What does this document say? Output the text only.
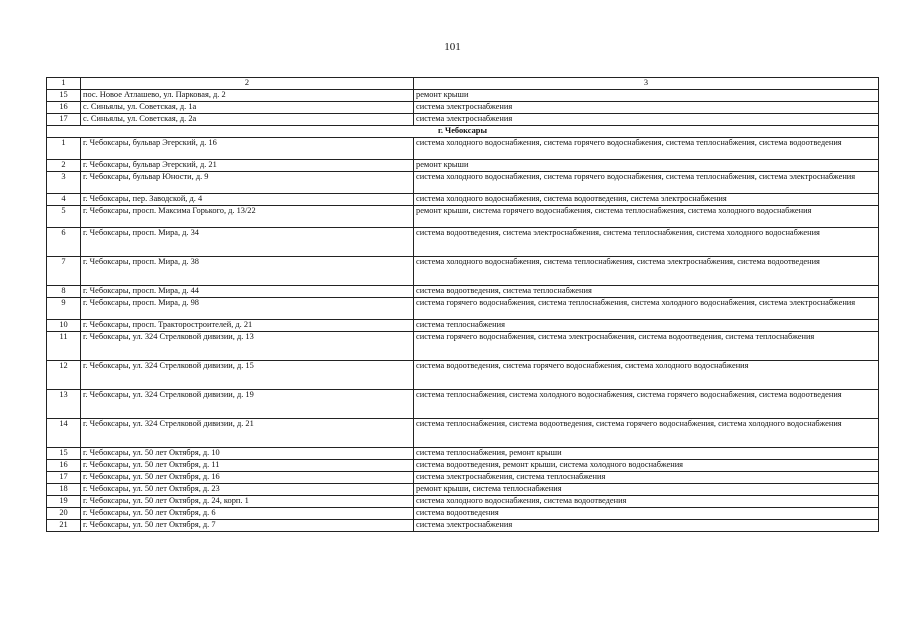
101
1	2	3
15	пос. Новое Атлашево, ул. Парковая, д. 2	ремонт крыши
16	с. Синьялы, ул. Советская, д. 1а	система электроснабжения
17	с. Синьялы, ул. Советская, д. 2а	система электроснабжения
г. Чебоксары		
1	г. Чебоксары, бульвар Эгерский, д. 16	система холодного водоснабжения, система горячего водоснабжения, система теплоснабжения, система водоотведения
2	г. Чебоксары, бульвар Эгерский, д. 21	ремонт крыши
3	г. Чебоксары, бульвар Юности, д. 9	система холодного водоснабжения, система горячего водоснабжения, система теплоснабжения, система электроснабжения
4	г. Чебоксары, пер. Заводской, д. 4	система холодного водоснабжения, система водоотведения, система электроснабжения
5	г. Чебоксары, просп. Максима Горького, д. 13/22	ремонт крыши, система горячего водоснабжения, система теплоснабжения, система холодного водоснабжения
6	г. Чебоксары, просп. Мира, д. 34	система водоотведения, система электроснабжения, система теплоснабжения, система холодного водоснабжения
7	г. Чебоксары, просп. Мира, д. 38	система холодного водоснабжения, система теплоснабжения, система электроснабжения, система водоотведения
8	г. Чебоксары, просп. Мира, д. 44	система водоотведения, система теплоснабжения
9	г. Чебоксары, просп. Мира, д. 98	система горячего водоснабжения, система теплоснабжения, система холодного водоснабжения, система электроснабжения
10	г. Чебоксары, просп. Тракторостроителей, д. 21	система теплоснабжения
11	г. Чебоксары, ул. 324 Стрелковой дивизии, д. 13	система горячего водоснабжения, система электроснабжения, система водоотведения, система теплоснабжения
12	г. Чебоксары, ул. 324 Стрелковой дивизии, д. 15	система водоотведения, система горячего водоснабжения, система холодного водоснабжения
13	г. Чебоксары, ул. 324 Стрелковой дивизии, д. 19	система теплоснабжения, система холодного водоснабжения, система горячего водоснабжения, система водоотведения
14	г. Чебоксары, ул. 324 Стрелковой дивизии, д. 21	система теплоснабжения, система водоотведения, система горячего водоснабжения, система холодного водоснабжения
15	г. Чебоксары, ул. 50 лет Октября, д. 10	система теплоснабжения, ремонт крыши
16	г. Чебоксары, ул. 50 лет Октября, д. 11	система водоотведения, ремонт крыши, система холодного водоснабжения
17	г. Чебоксары, ул. 50 лет Октября, д. 16	система электроснабжения, система теплоснабжения
18	г. Чебоксары, ул. 50 лет Октября, д. 23	ремонт крыши, система теплоснабжения
19	г. Чебоксары, ул. 50 лет Октября, д. 24, корп. 1	система холодного водоснабжения, система водоотведения
20	г. Чебоксары, ул. 50 лет Октября, д. 6	система водоотведения
21	г. Чебоксары, ул. 50 лет Октября, д. 7	система электроснабжения
